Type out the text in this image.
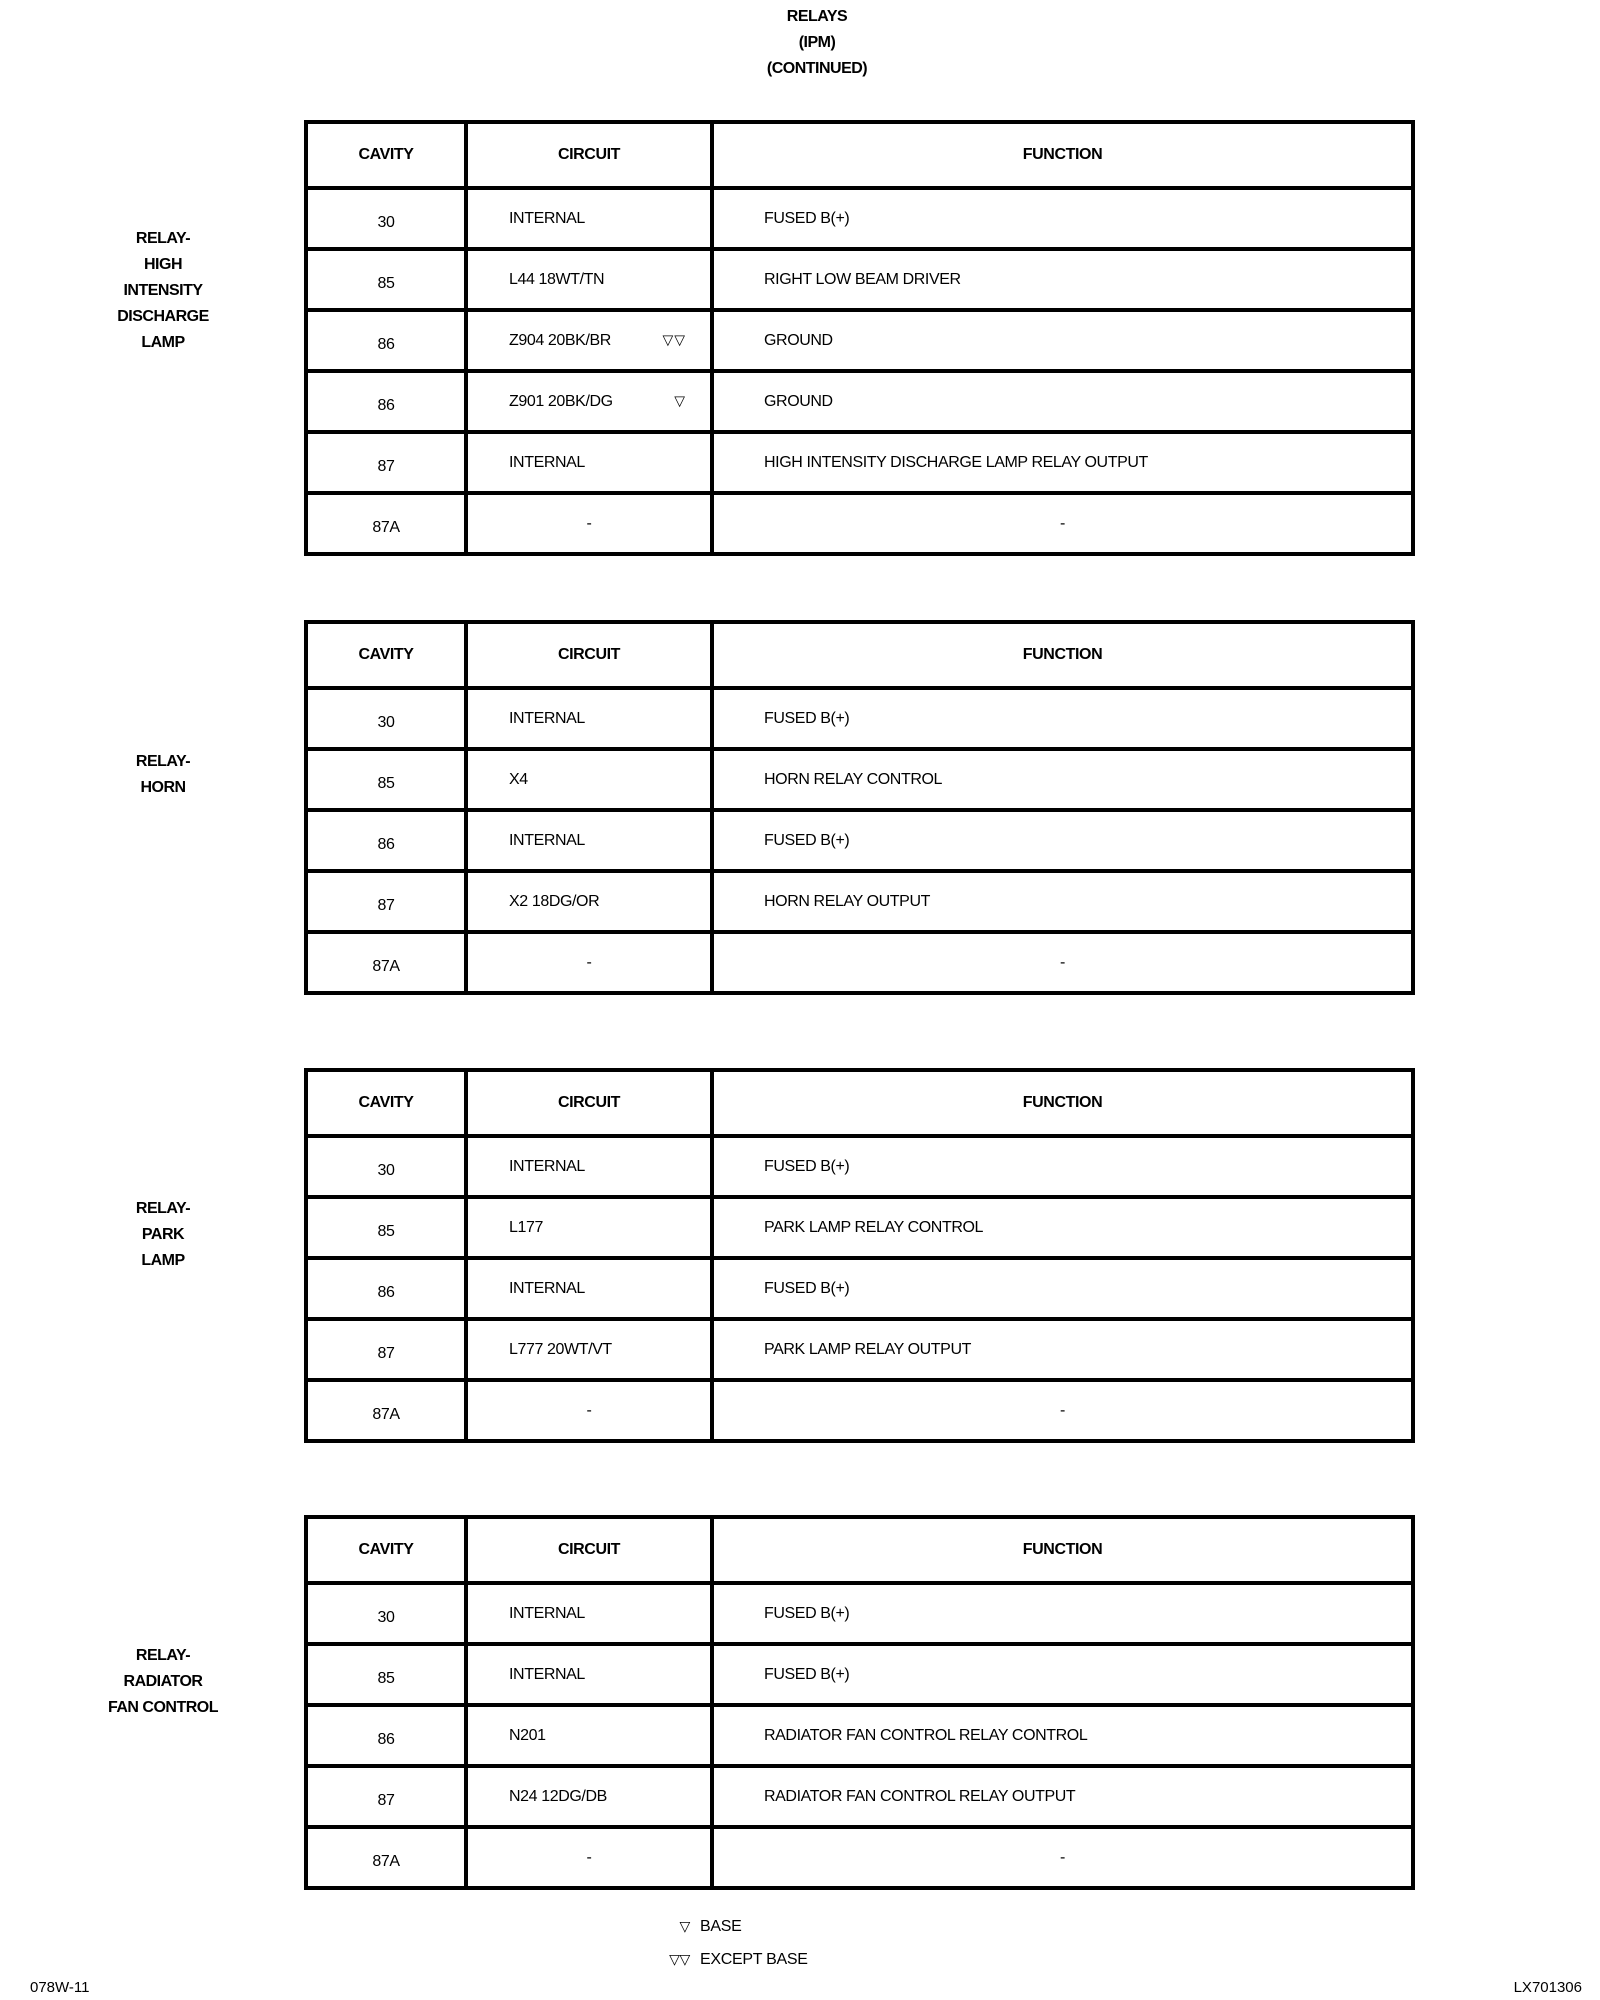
RELAYS
(IPM)
(CONTINUED)
RELAY-
HIGH
INTENSITY
DISCHARGE
LAMP
CAVITY	CIRCUIT	FUNCTION
30	INTERNAL	FUSED B(+)
85	L44 18WT/TN	RIGHT LOW BEAM DRIVER
86	Z904 20BK/BR ▽▽	GROUND
86	Z901 20BK/DG ▽	GROUND
87	INTERNAL	HIGH INTENSITY DISCHARGE LAMP RELAY OUTPUT
87A	-	-
RELAY-
HORN
CAVITY	CIRCUIT	FUNCTION
30	INTERNAL	FUSED B(+)
85	X4	HORN RELAY CONTROL
86	INTERNAL	FUSED B(+)
87	X2 18DG/OR	HORN RELAY OUTPUT
87A	-	-
RELAY-
PARK
LAMP
CAVITY	CIRCUIT	FUNCTION
30	INTERNAL	FUSED B(+)
85	L177	PARK LAMP RELAY CONTROL
86	INTERNAL	FUSED B(+)
87	L777 20WT/VT	PARK LAMP RELAY OUTPUT
87A	-	-
RELAY-
RADIATOR
FAN CONTROL
CAVITY	CIRCUIT	FUNCTION
30	INTERNAL	FUSED B(+)
85	INTERNAL	FUSED B(+)
86	N201	RADIATOR FAN CONTROL RELAY CONTROL
87	N24 12DG/DB	RADIATOR FAN CONTROL RELAY OUTPUT
87A	-	-
▽ BASE
▽▽ EXCEPT BASE
078W-11	LX701306
